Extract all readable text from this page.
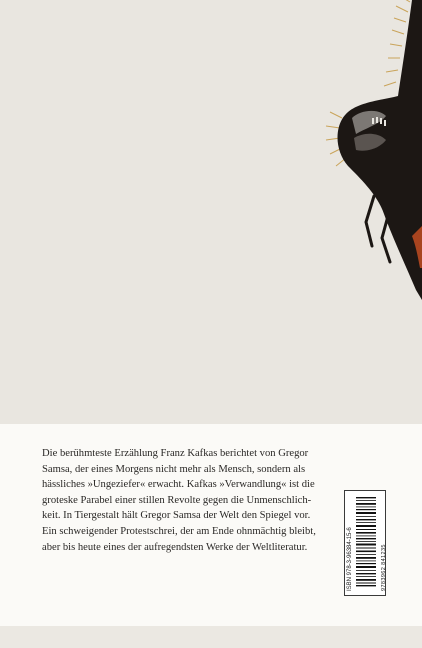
Die berühmteste Erzählung Franz Kafkas berichtet von Gregor
Samsa, der eines Morgens nicht mehr als Mensch, sondern als
hässliches »Ungeziefer« erwacht. Kafkas »Verwandlung« ist die
groteske Parabel einer stillen Revolte gegen die Unmenschlich-
keit. In Tiergestalt hält Gregor Samsa der Welt den Spiegel vor.
Ein schweigender Protestschrei, der am Ende ohnmächtig bleibt,
aber bis heute eines der aufregendsten Werke der Weltliteratur.	ISBN 978-3-96384-15-6	9783962 841235
